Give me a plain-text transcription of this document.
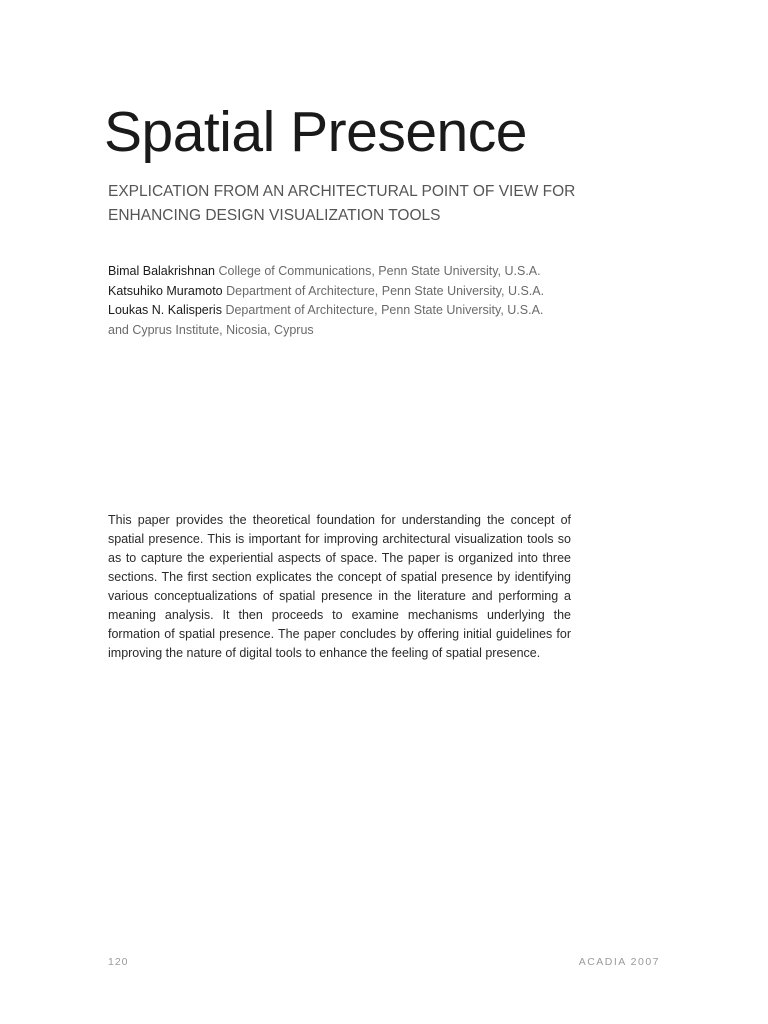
Spatial Presence
EXPLICATION FROM AN ARCHITECTURAL POINT OF VIEW FOR ENHANCING DESIGN VISUALIZATION TOOLS
Bimal Balakrishnan College of Communications, Penn State University, U.S.A.
Katsuhiko Muramoto Department of Architecture, Penn State University, U.S.A.
Loukas N. Kalisperis Department of Architecture, Penn State University, U.S.A.
and Cyprus Institute, Nicosia, Cyprus

This paper provides the theoretical foundation for understanding the concept of spatial presence. This is important for improving architectural visualization tools so as to capture the experiential aspects of space. The paper is organized into three sections. The first section explicates the concept of spatial presence by identifying various conceptualizations of spatial presence in the literature and performing a meaning analysis. It then proceeds to examine mechanisms underlying the formation of spatial presence. The paper concludes by offering initial guidelines for improving the nature of digital tools to enhance the feeling of spatial presence.

120	ACADIA 2007
